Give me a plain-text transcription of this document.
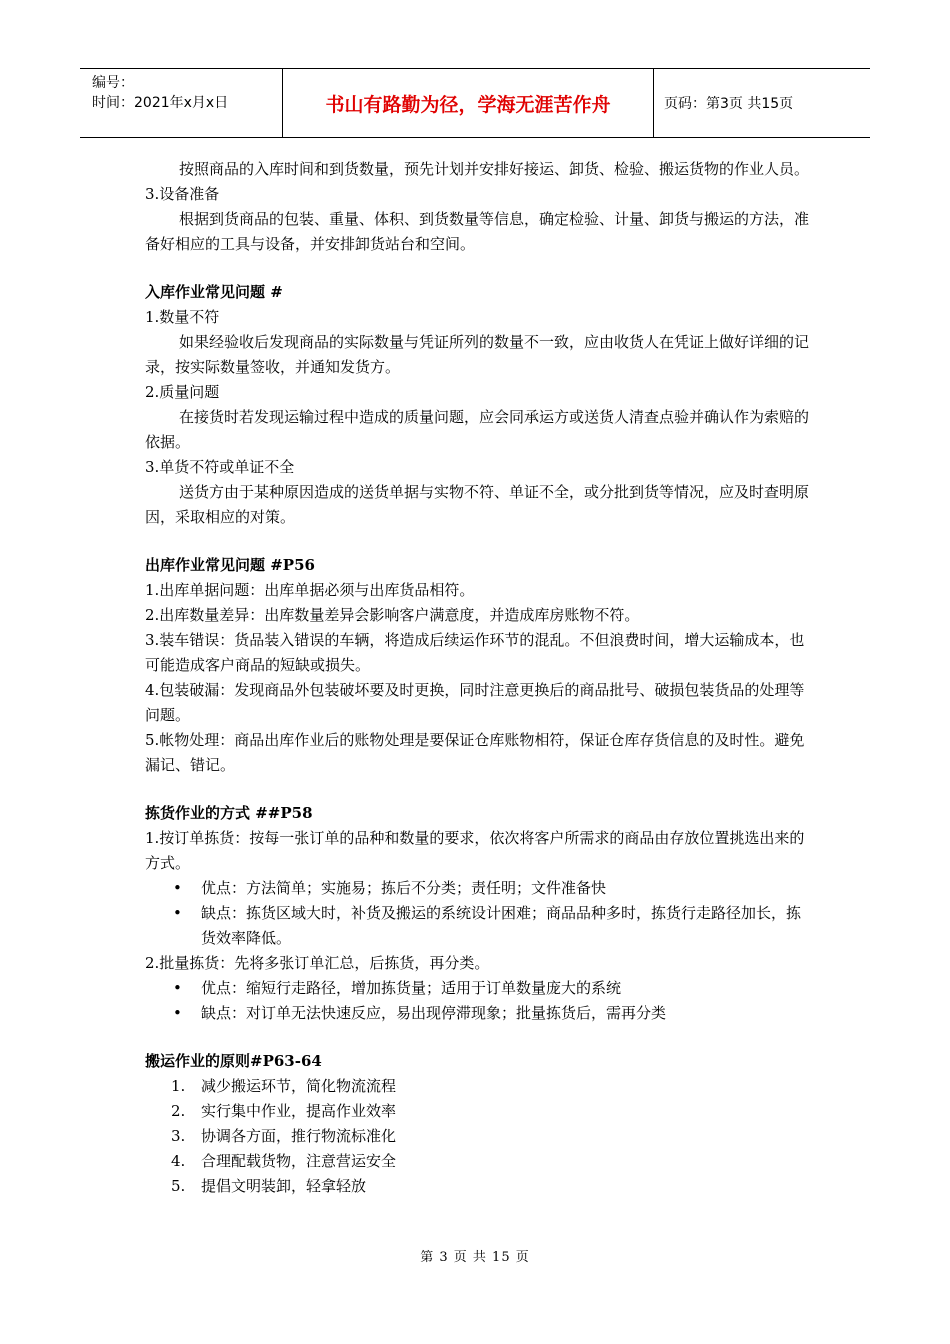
编号：
时间：2021年x月x日	书山有路勤为径，学海无涯苦作舟	页码：第3页 共15页

按照商品的入库时间和到货数量，预先计划并安排好接运、卸货、检验、搬运货物的作业人员。

3.设备准备

根据到货商品的包装、重量、体积、到货数量等信息，确定检验、计量、卸货与搬运的方法，准备好相应的工具与设备，并安排卸货站台和空间。

入库作业常见问题 #

1.数量不符

如果经验收后发现商品的实际数量与凭证所列的数量不一致，应由收货人在凭证上做好详细的记录，按实际数量签收，并通知发货方。

2.质量问题

在接货时若发现运输过程中造成的质量问题，应会同承运方或送货人清查点验并确认作为索赔的依据。

3.单货不符或单证不全

送货方由于某种原因造成的送货单据与实物不符、单证不全，或分批到货等情况，应及时查明原因，采取相应的对策。

出库作业常见问题 #P56

1.出库单据问题：出库单据必须与出库货品相符。

2.出库数量差异：出库数量差异会影响客户满意度，并造成库房账物不符。

3.装车错误：货品装入错误的车辆，将造成后续运作环节的混乱。不但浪费时间，增大运输成本，也可能造成客户商品的短缺或损失。

4.包装破漏：发现商品外包装破坏要及时更换，同时注意更换后的商品批号、破损包装货品的处理等问题。

5.帐物处理：商品出库作业后的账物处理是要保证仓库账物相符，保证仓库存货信息的及时性。避免漏记、错记。

拣货作业的方式 ##P58

1.按订单拣货：按每一张订单的品种和数量的要求，依次将客户所需求的商品由存放位置挑选出来的方式。

• 优点：方法简单；实施易；拣后不分类；责任明；文件准备快

• 缺点：拣货区域大时，补货及搬运的系统设计困难；商品品种多时，拣货行走路径加长，拣货效率降低。

2.批量拣货：先将多张订单汇总，后拣货，再分类。

• 优点：缩短行走路径，增加拣货量；适用于订单数量庞大的系统

• 缺点：对订单无法快速反应，易出现停滞现象；批量拣货后，需再分类

搬运作业的原则#P63-64

1. 减少搬运环节，简化物流流程

2. 实行集中作业，提高作业效率

3. 协调各方面，推行物流标准化

4. 合理配载货物，注意营运安全

5. 提倡文明装卸，轻拿轻放

第 3 页 共 15 页
